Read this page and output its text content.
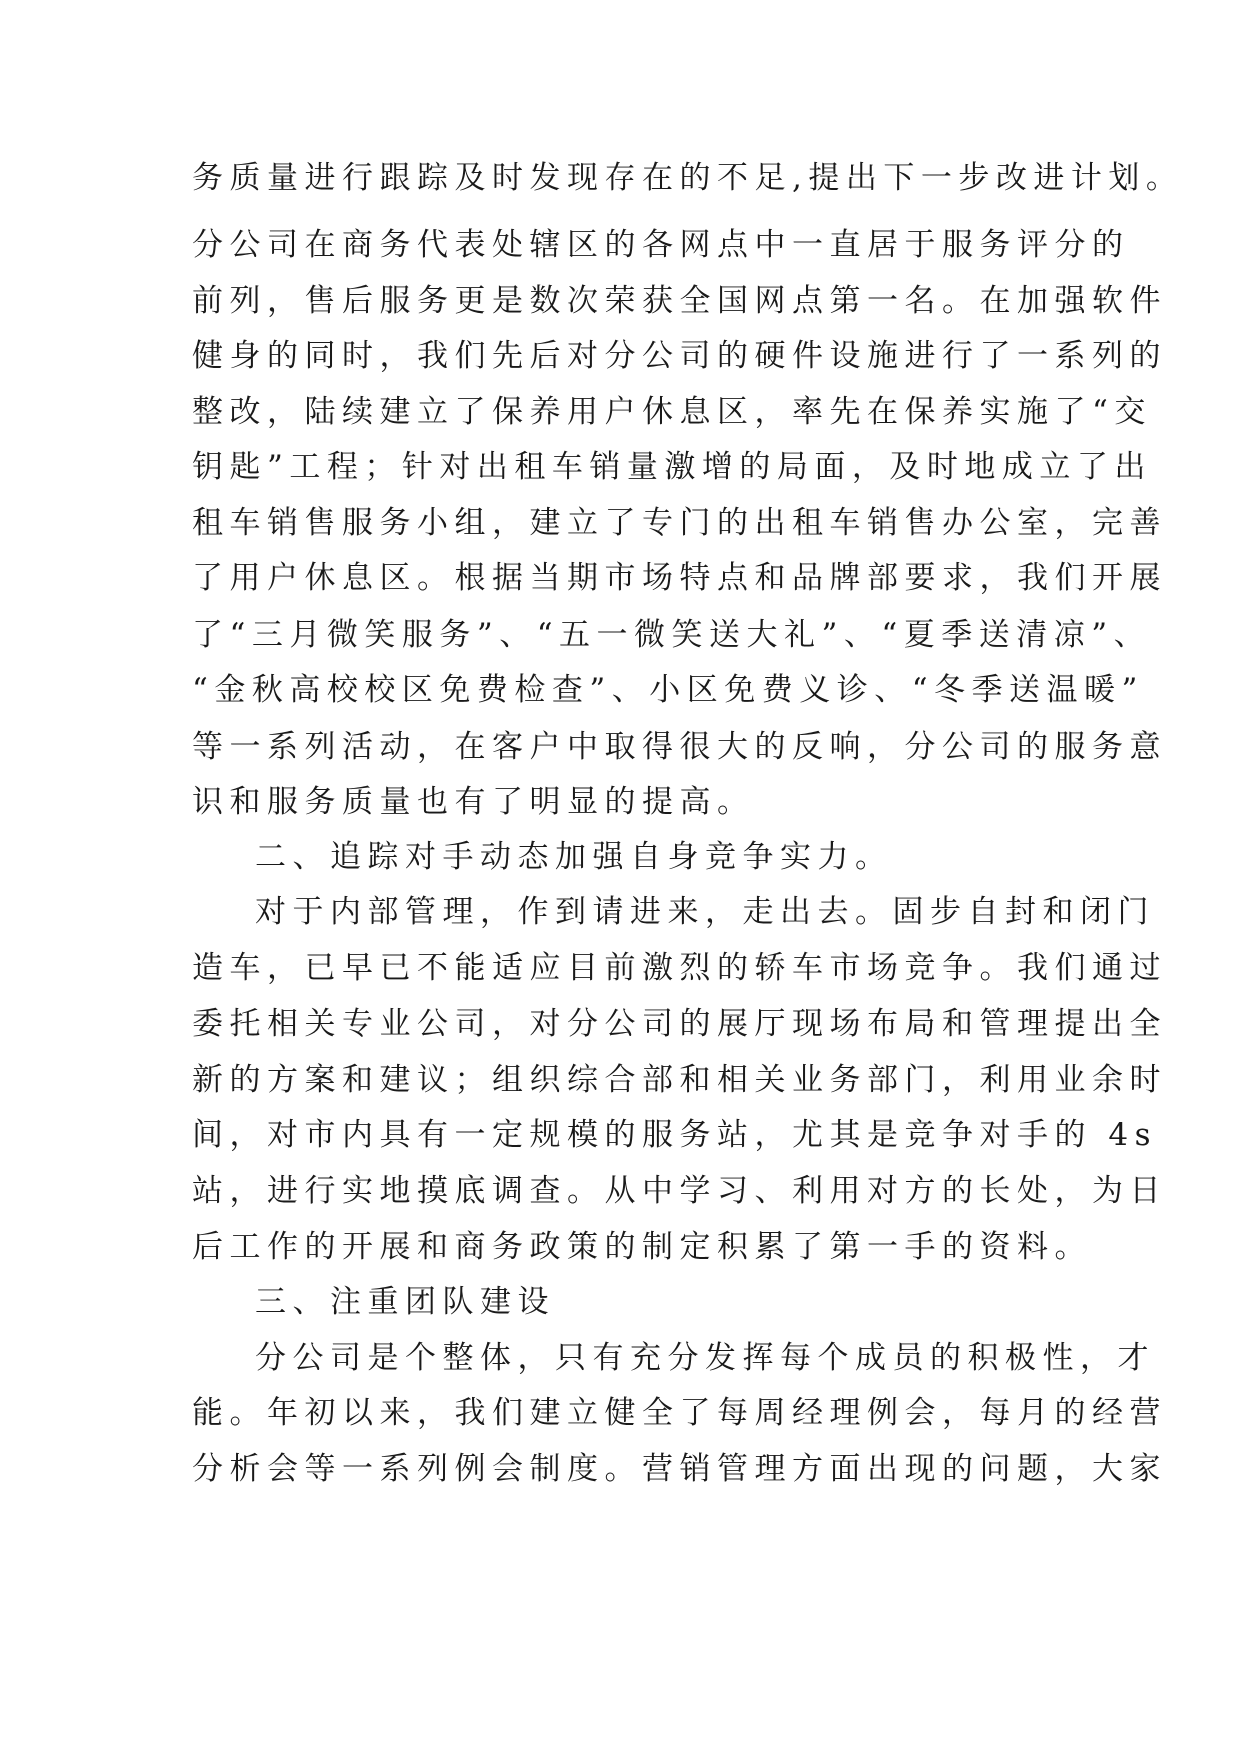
务质量进行跟踪及时发现存在的不足,提出下一步改进计划。
分公司在商务代表处辖区的各网点中一直居于服务评分的
前列，售后服务更是数次荣获全国网点第一名。在加强软件
健身的同时，我们先后对分公司的硬件设施进行了一系列的
整改，陆续建立了保养用户休息区，率先在保养实施了“交
钥匙”工程；针对出租车销量激增的局面，及时地成立了出
租车销售服务小组，建立了专门的出租车销售办公室，完善
了用户休息区。根据当期市场特点和品牌部要求，我们开展
了“三月微笑服务”、“五一微笑送大礼”、“夏季送清凉”、
“金秋高校校区免费检查”、小区免费义诊、“冬季送温暖”
等一系列活动，在客户中取得很大的反响，分公司的服务意
识和服务质量也有了明显的提高。
二、追踪对手动态加强自身竞争实力。
对于内部管理，作到请进来，走出去。固步自封和闭门
造车，已早已不能适应目前激烈的轿车市场竞争。我们通过
委托相关专业公司，对分公司的展厅现场布局和管理提出全
新的方案和建议；组织综合部和相关业务部门，利用业余时
间，对市内具有一定规模的服务站，尤其是竞争对手的 4s
站，进行实地摸底调查。从中学习、利用对方的长处，为日
后工作的开展和商务政策的制定积累了第一手的资料。
三、注重团队建设
分公司是个整体，只有充分发挥每个成员的积极性，才
能。年初以来，我们建立健全了每周经理例会，每月的经营
分析会等一系列例会制度。营销管理方面出现的问题，大家
